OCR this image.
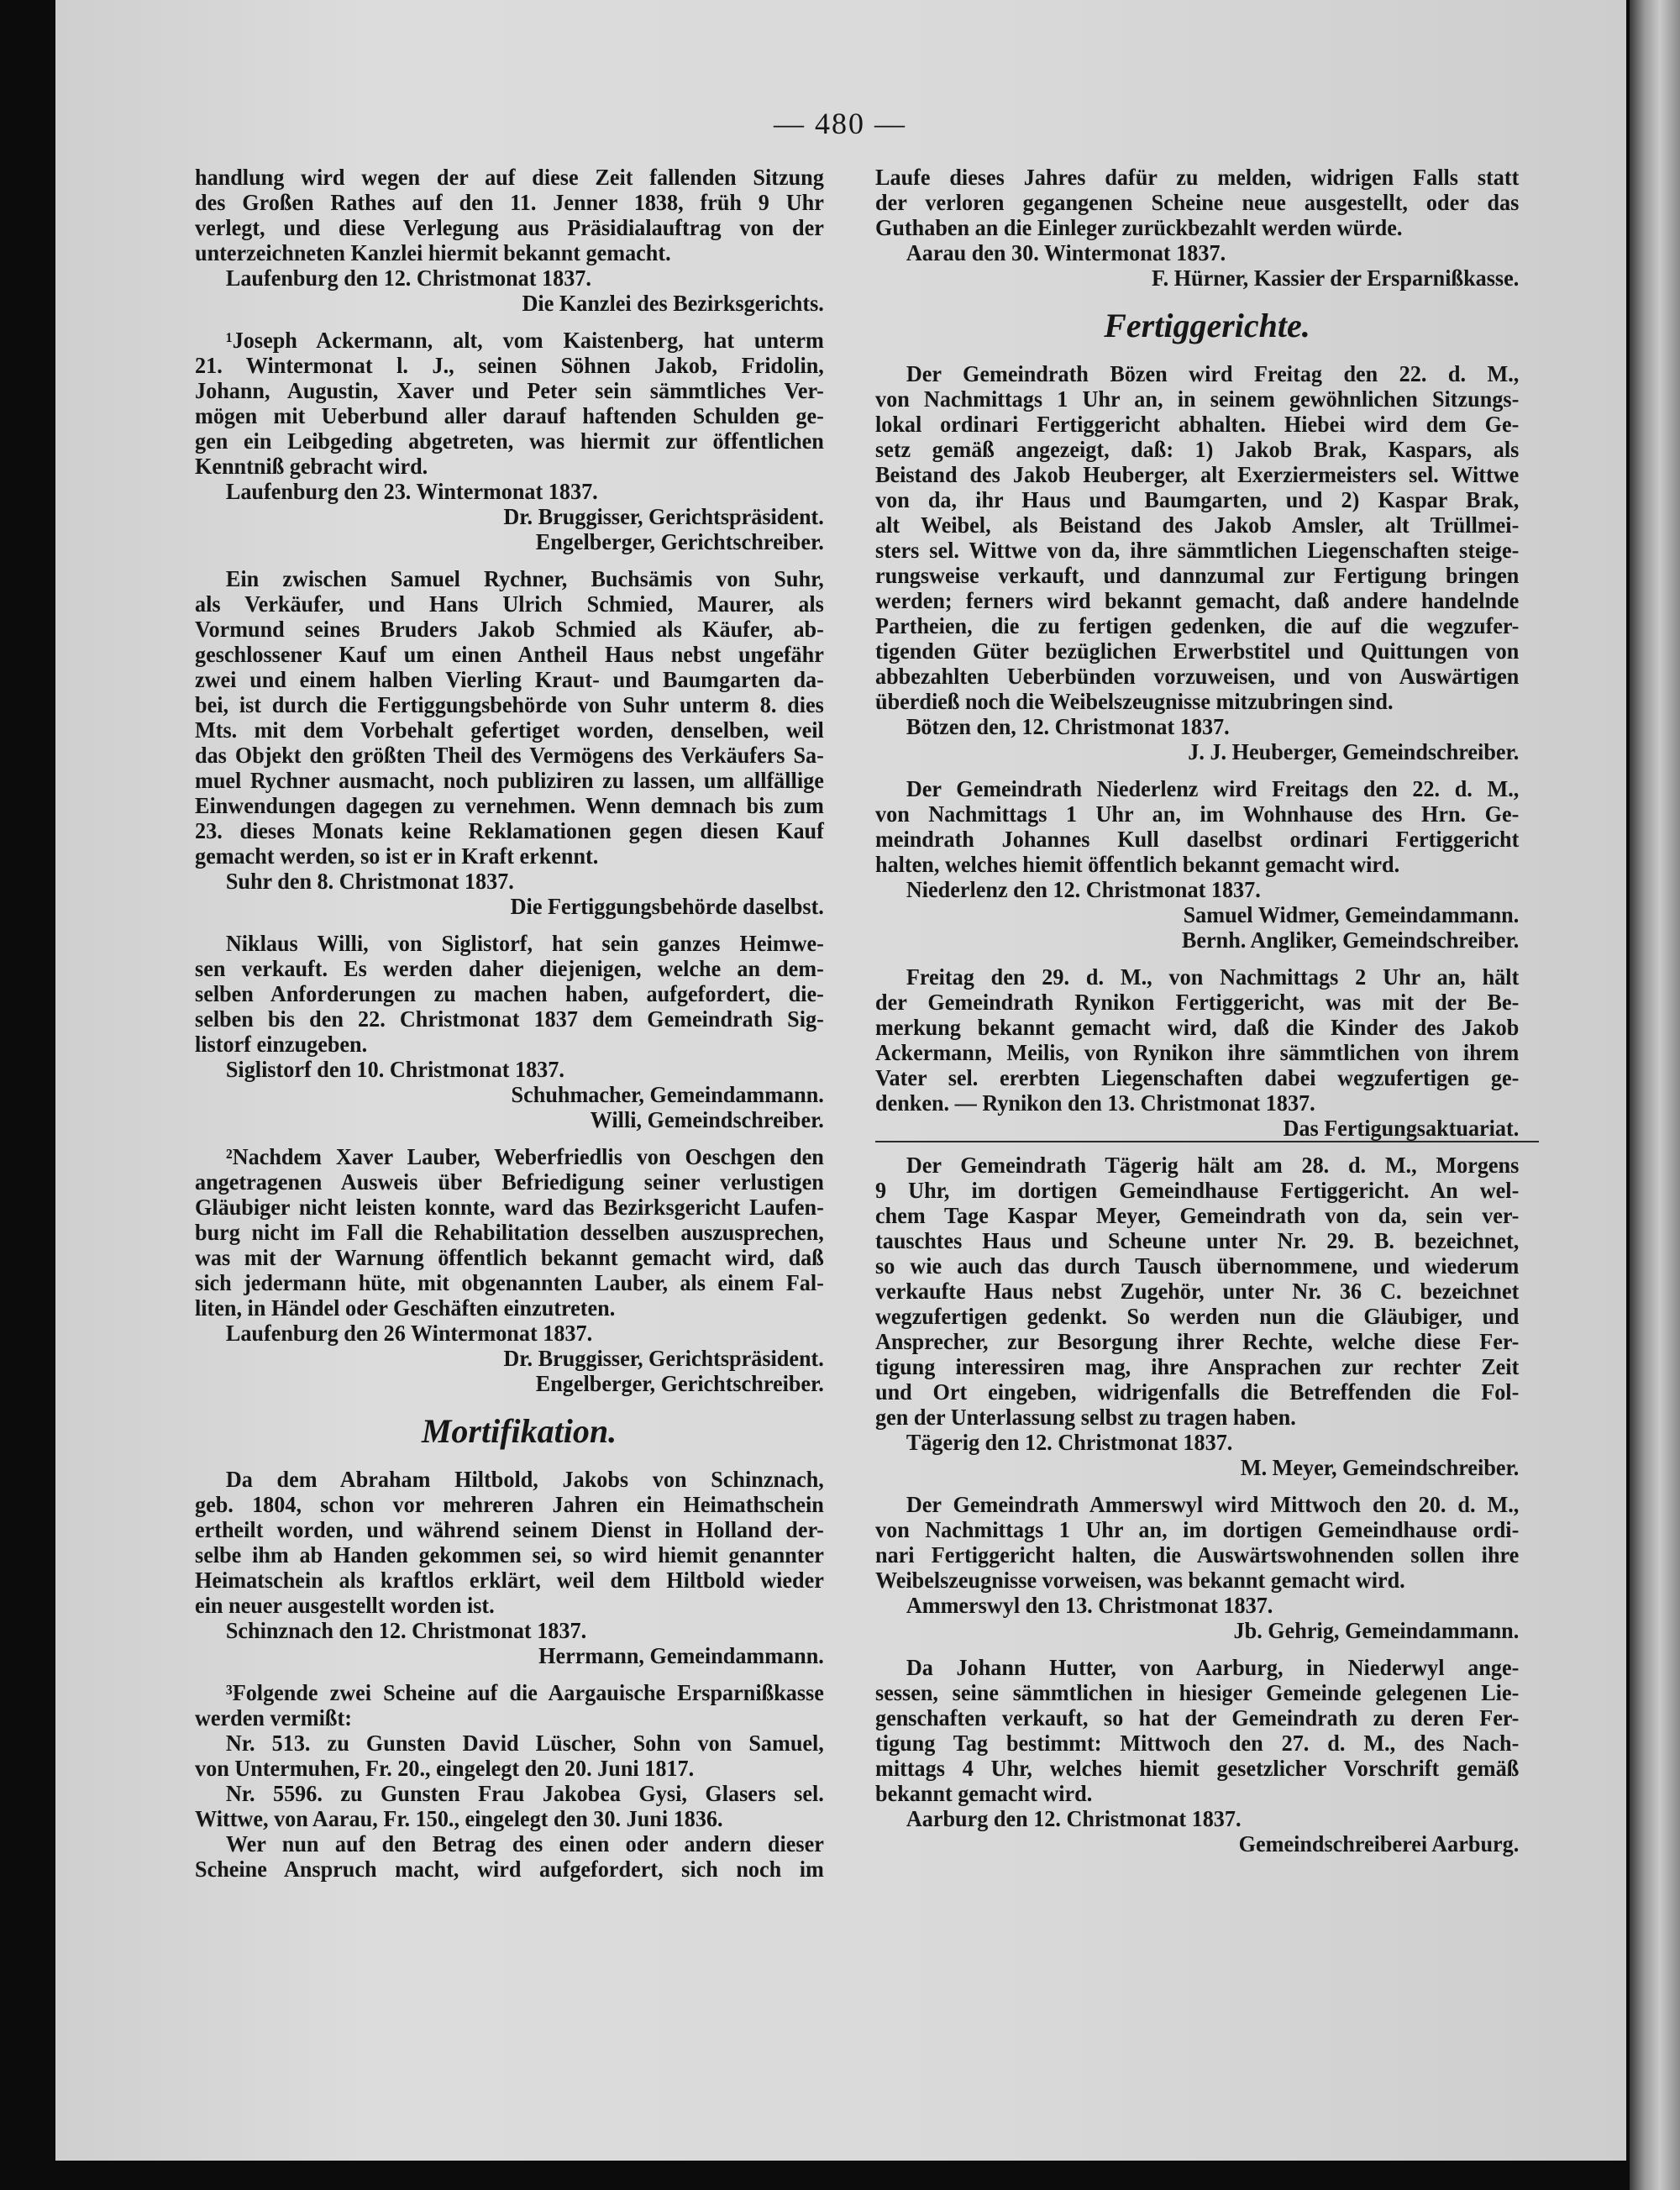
— 480 —
handlung wird wegen der auf diese Zeit fallenden Sitzung
des Großen Rathes auf den 11. Jenner 1838, früh 9 Uhr
verlegt, und diese Verlegung aus Präsidialauftrag von der
unterzeichneten Kanzlei hiermit bekannt gemacht.
Laufenburg den 12. Christmonat 1837.
Die Kanzlei des Bezirksgerichts.
¹Joseph Ackermann, alt, vom Kaistenberg, hat unterm
21. Wintermonat l. J., seinen Söhnen Jakob, Fridolin,
Johann, Augustin, Xaver und Peter sein sämmtliches Ver-
mögen mit Ueberbund aller darauf haftenden Schulden ge-
gen ein Leibgeding abgetreten, was hiermit zur öffentlichen
Kenntniß gebracht wird.
Laufenburg den 23. Wintermonat 1837.
Dr. Bruggisser, Gerichtspräsident.
Engelberger, Gerichtschreiber.
Ein zwischen Samuel Rychner, Buchsämis von Suhr,
als Verkäufer, und Hans Ulrich Schmied, Maurer, als
Vormund seines Bruders Jakob Schmied als Käufer, ab-
geschlossener Kauf um einen Antheil Haus nebst ungefähr
zwei und einem halben Vierling Kraut- und Baumgarten da-
bei, ist durch die Fertiggungsbehörde von Suhr unterm 8. dies
Mts. mit dem Vorbehalt gefertiget worden, denselben, weil
das Objekt den größten Theil des Vermögens des Verkäufers Sa-
muel Rychner ausmacht, noch publiziren zu lassen, um allfällige
Einwendungen dagegen zu vernehmen. Wenn demnach bis zum
23. dieses Monats keine Reklamationen gegen diesen Kauf
gemacht werden, so ist er in Kraft erkennt.
Suhr den 8. Christmonat 1837.
Die Fertiggungsbehörde daselbst.
Niklaus Willi, von Siglistorf, hat sein ganzes Heimwe-
sen verkauft. Es werden daher diejenigen, welche an dem-
selben Anforderungen zu machen haben, aufgefordert, die-
selben bis den 22. Christmonat 1837 dem Gemeindrath Sig-
listorf einzugeben.
Siglistorf den 10. Christmonat 1837.
Schuhmacher, Gemeindammann.
Willi, Gemeindschreiber.
²Nachdem Xaver Lauber, Weberfriedlis von Oeschgen den
angetragenen Ausweis über Befriedigung seiner verlustigen
Gläubiger nicht leisten konnte, ward das Bezirksgericht Laufen-
burg nicht im Fall die Rehabilitation desselben auszusprechen,
was mit der Warnung öffentlich bekannt gemacht wird, daß
sich jedermann hüte, mit obgenannten Lauber, als einem Fal-
liten, in Händel oder Geschäften einzutreten.
Laufenburg den 26 Wintermonat 1837.
Dr. Bruggisser, Gerichtspräsident.
Engelberger, Gerichtschreiber.
Mortifikation.
Da dem Abraham Hiltbold, Jakobs von Schinznach,
geb. 1804, schon vor mehreren Jahren ein Heimathschein
ertheilt worden, und während seinem Dienst in Holland der-
selbe ihm ab Handen gekommen sei, so wird hiemit genannter
Heimatschein als kraftlos erklärt, weil dem Hiltbold wieder
ein neuer ausgestellt worden ist.
Schinznach den 12. Christmonat 1837.
Herrmann, Gemeindammann.
³Folgende zwei Scheine auf die Aargauische Ersparnißkasse
werden vermißt:
Nr. 513. zu Gunsten David Lüscher, Sohn von Samuel,
von Untermuhen, Fr. 20., eingelegt den 20. Juni 1817.
Nr. 5596. zu Gunsten Frau Jakobea Gysi, Glasers sel.
Wittwe, von Aarau, Fr. 150., eingelegt den 30. Juni 1836.
Wer nun auf den Betrag des einen oder andern dieser
Scheine Anspruch macht, wird aufgefordert, sich noch im
Laufe dieses Jahres dafür zu melden, widrigen Falls statt
der verloren gegangenen Scheine neue ausgestellt, oder das
Guthaben an die Einleger zurückbezahlt werden würde.
Aarau den 30. Wintermonat 1837.
F. Hürner, Kassier der Ersparnißkasse.
Fertiggerichte.
Der Gemeindrath Bözen wird Freitag den 22. d. M.,
von Nachmittags 1 Uhr an, in seinem gewöhnlichen Sitzungs-
lokal ordinari Fertiggericht abhalten. Hiebei wird dem Ge-
setz gemäß angezeigt, daß: 1) Jakob Brak, Kaspars, als
Beistand des Jakob Heuberger, alt Exerziermeisters sel. Wittwe
von da, ihr Haus und Baumgarten, und 2) Kaspar Brak,
alt Weibel, als Beistand des Jakob Amsler, alt Trüllmei-
sters sel. Wittwe von da, ihre sämmtlichen Liegenschaften steige-
rungsweise verkauft, und dannzumal zur Fertigung bringen
werden; ferners wird bekannt gemacht, daß andere handelnde
Partheien, die zu fertigen gedenken, die auf die wegzufer-
tigenden Güter bezüglichen Erwerbstitel und Quittungen von
abbezahlten Ueberbünden vorzuweisen, und von Auswärtigen
überdieß noch die Weibelszeugnisse mitzubringen sind.
Bötzen den, 12. Christmonat 1837.
J. J. Heuberger, Gemeindschreiber.
Der Gemeindrath Niederlenz wird Freitags den 22. d. M.,
von Nachmittags 1 Uhr an, im Wohnhause des Hrn. Ge-
meindrath Johannes Kull daselbst ordinari Fertiggericht
halten, welches hiemit öffentlich bekannt gemacht wird.
Niederlenz den 12. Christmonat 1837.
Samuel Widmer, Gemeindammann.
Bernh. Angliker, Gemeindschreiber.
Freitag den 29. d. M., von Nachmittags 2 Uhr an, hält
der Gemeindrath Rynikon Fertiggericht, was mit der Be-
merkung bekannt gemacht wird, daß die Kinder des Jakob
Ackermann, Meilis, von Rynikon ihre sämmtlichen von ihrem
Vater sel. ererbten Liegenschaften dabei wegzufertigen ge-
denken. — Rynikon den 13. Christmonat 1837.
Das Fertigungsaktuariat.
Der Gemeindrath Tägerig hält am 28. d. M., Morgens
9 Uhr, im dortigen Gemeindhause Fertiggericht. An wel-
chem Tage Kaspar Meyer, Gemeindrath von da, sein ver-
tauschtes Haus und Scheune unter Nr. 29. B. bezeichnet,
so wie auch das durch Tausch übernommene, und wiederum
verkaufte Haus nebst Zugehör, unter Nr. 36 C. bezeichnet
wegzufertigen gedenkt. So werden nun die Gläubiger, und
Ansprecher, zur Besorgung ihrer Rechte, welche diese Fer-
tigung interessiren mag, ihre Ansprachen zur rechter Zeit
und Ort eingeben, widrigenfalls die Betreffenden die Fol-
gen der Unterlassung selbst zu tragen haben.
Tägerig den 12. Christmonat 1837.
M. Meyer, Gemeindschreiber.
Der Gemeindrath Ammerswyl wird Mittwoch den 20. d. M.,
von Nachmittags 1 Uhr an, im dortigen Gemeindhause ordi-
nari Fertiggericht halten, die Auswärtswohnenden sollen ihre
Weibelszeugnisse vorweisen, was bekannt gemacht wird.
Ammerswyl den 13. Christmonat 1837.
Jb. Gehrig, Gemeindammann.
Da Johann Hutter, von Aarburg, in Niederwyl ange-
sessen, seine sämmtlichen in hiesiger Gemeinde gelegenen Lie-
genschaften verkauft, so hat der Gemeindrath zu deren Fer-
tigung Tag bestimmt: Mittwoch den 27. d. M., des Nach-
mittags 4 Uhr, welches hiemit gesetzlicher Vorschrift gemäß
bekannt gemacht wird.
Aarburg den 12. Christmonat 1837.
Gemeindschreiberei Aarburg.
